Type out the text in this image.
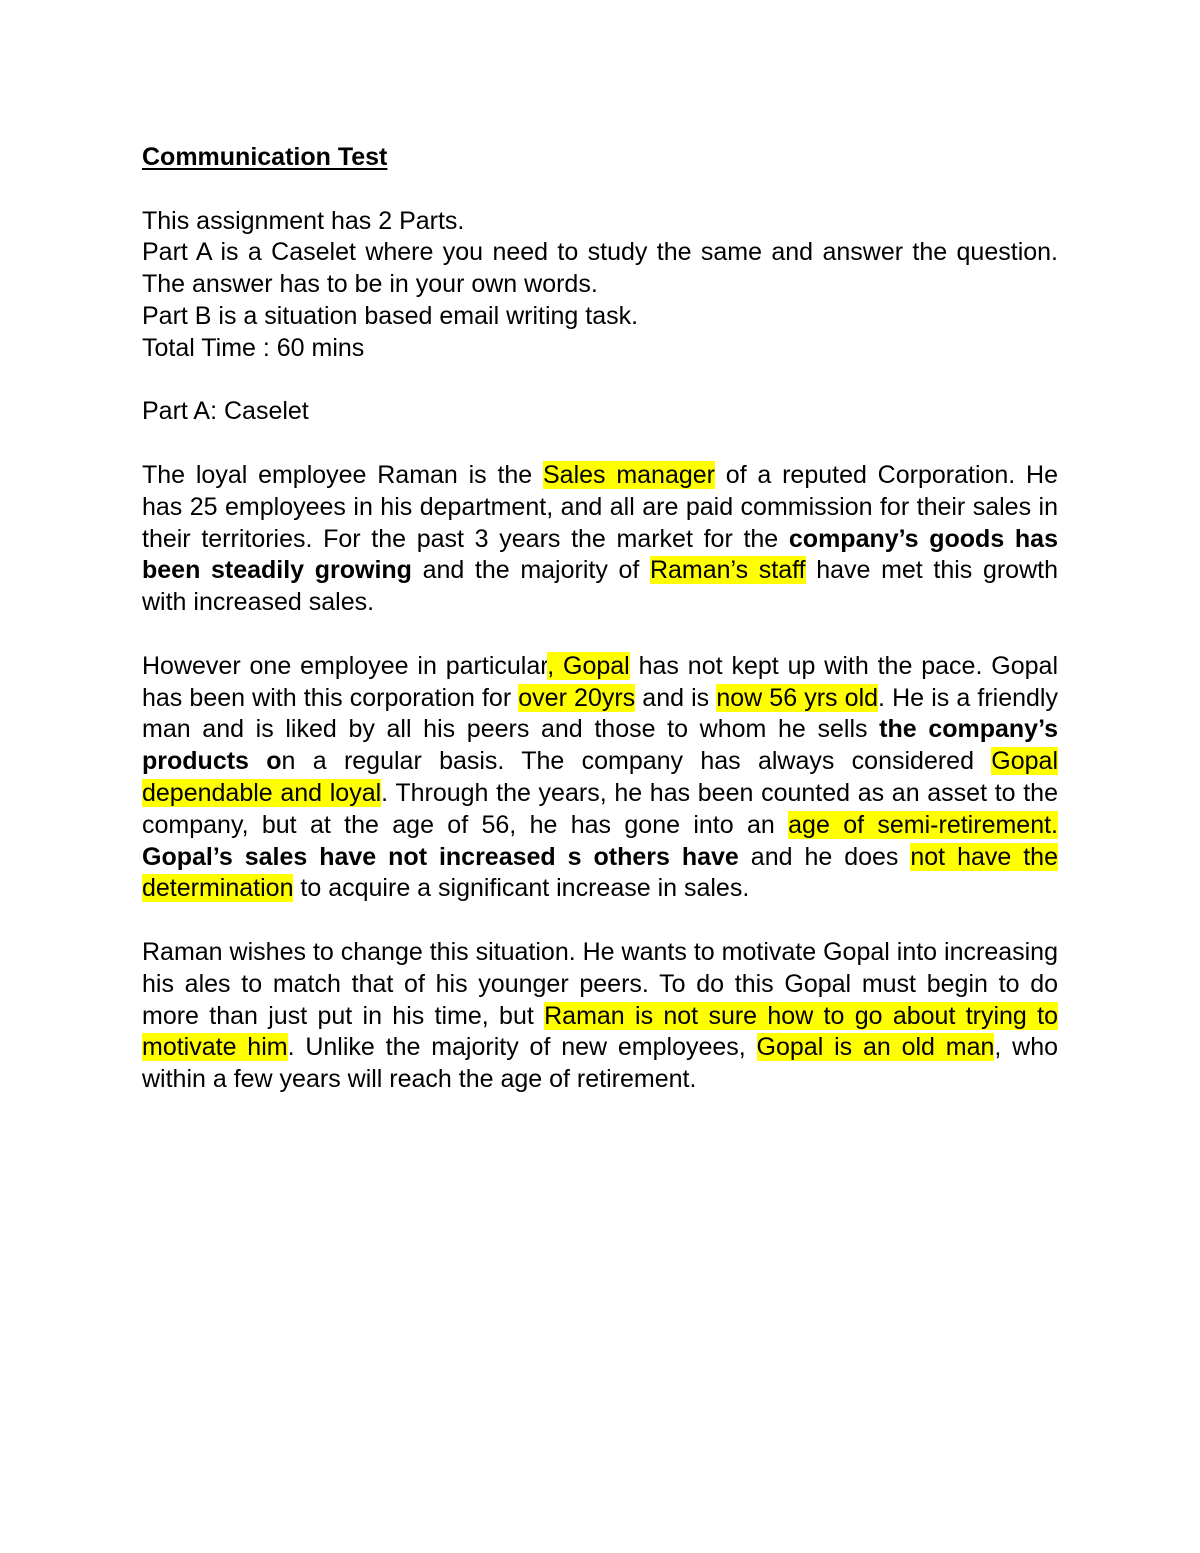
Communication Test

This assignment has 2 Parts.

Part A is a Caselet where you need to study the same and answer the question. The answer has to be in your own words.

Part B is a situation based email writing task.

Total Time : 60 mins

Part A: Caselet

The loyal employee Raman is the Sales manager of a reputed Corporation. He has 25 employees in his department, and all are paid commission for their sales in their territories. For the past 3 years the market for the company’s goods has been steadily growing and the majority of Raman’s staff have met this growth with increased sales.

However one employee in particular, Gopal has not kept up with the pace. Gopal has been with this corporation for over 20yrs and is now 56 yrs old. He is a friendly man and is liked by all his peers and those to whom he sells the company’s products on a regular basis. The company has always considered Gopal dependable and loyal. Through the years, he has been counted as an asset to the company, but at the age of 56, he has gone into an age of semi-retirement. Gopal’s sales have not increased s others have and he does not have the determination to acquire a significant increase in sales.

Raman wishes to change this situation. He wants to motivate Gopal into increasing his ales to match that of his younger peers. To do this Gopal must begin to do more than just put in his time, but Raman is not sure how to go about trying to motivate him. Unlike the majority of new employees, Gopal is an old man, who within a few years will reach the age of retirement.
